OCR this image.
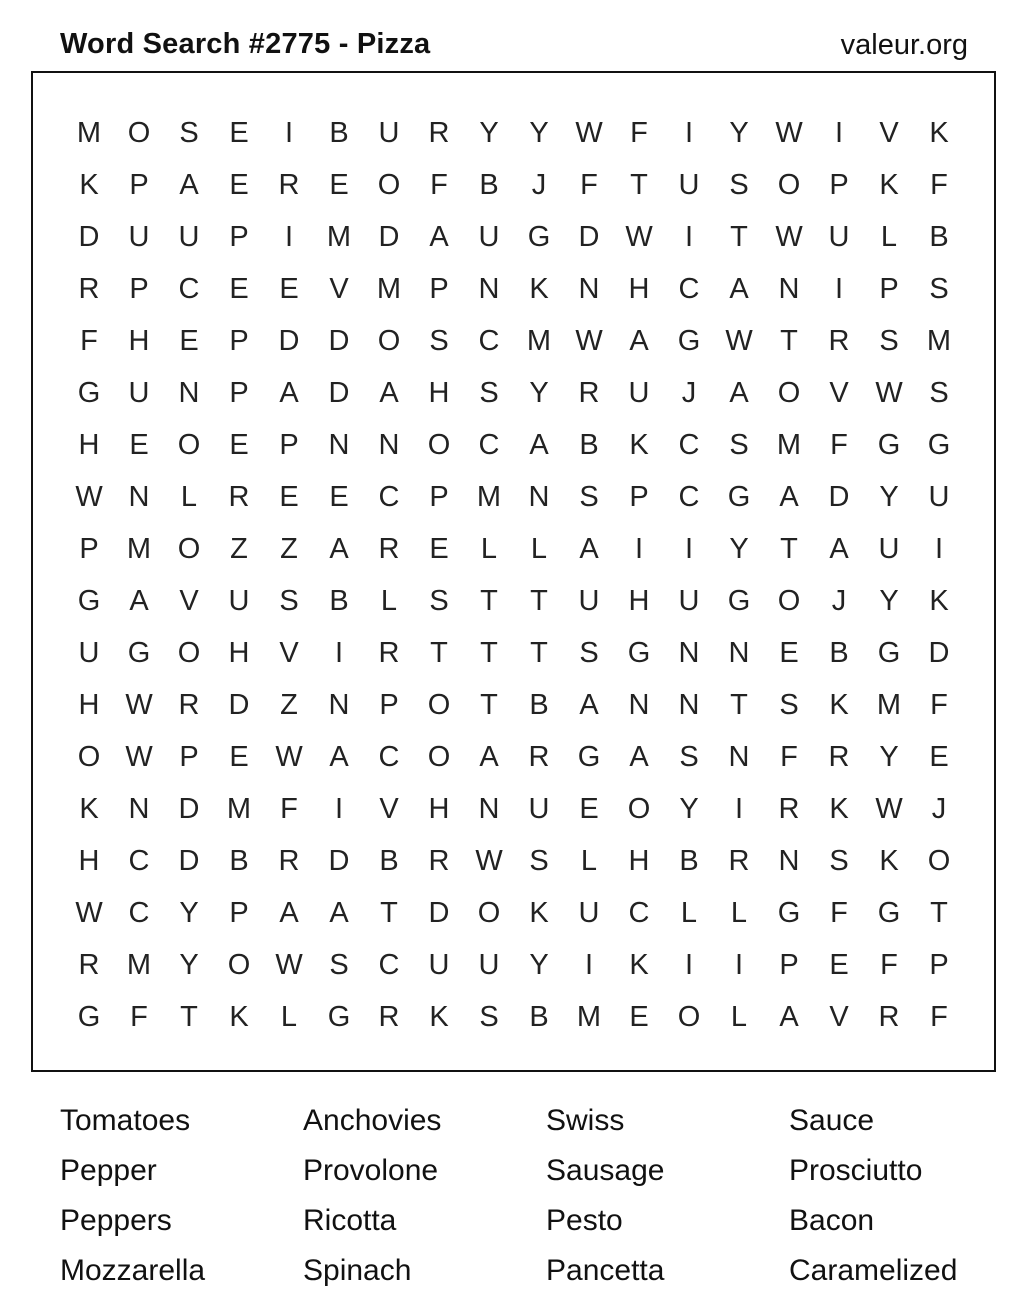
Word Search #2775 - Pizza	valeur.org
M O	S	E	I	B	U	R	Y	Y W F	I	Y W	I	V	K
K	P	A	E	R	E	O	F	B	J	F	T	U	S	O	P	K	F
D	U	U	P	I	M D	A	U G D W	I	T W U	L	B
R	P	C	E	E	V M P	N	K	N	H	C	A	N	I	P	S
F	H	E	P	D	D O	S	C M W A	G W T	R	S M
G U	N	P	A	D	A	H	S	Y	R	U	J	A	O	V W S
H	E	O	E	P	N	N O C	A	B	K	C	S M	F	G G
W N	L	R	E	E	C	P M N	S	P	C G	A	D	Y	U
P M O	Z	Z	A	R	E	L	L	A	I	I	Y	T	A	U	I
G	A	V	U	S	B	L	S	T	T	U	H	U G O	J	Y	K
U G O H	V	I	R	T	T	T	S	G N	N	E	B	G D
H W R	D	Z	N	P	O	T	B	A	N	N	T	S	K M	F
O W P	E W A	C O	A	R G	A	S	N	F	R	Y	E
K	N	D M	F	I	V	H	N	U	E	O	Y	I	R	K W	J
H	C	D	B	R	D	B	R W S	L	H	B	R	N	S	K	O
W C	Y	P	A	A	T	D O	K	U	C	L	L	G	F	G	T
R M Y	O W S	C	U	U	Y	I	K	I	I	P	E	F	P
G	F	T	K	L	G R	K	S	B M E	O	L	A	V	R	F
Tomatoes	Anchovies	Swiss	Sauce
Pepper	Provolone	Sausage	Prosciutto
Peppers	Ricotta	Pesto	Bacon
Mozzarella	Spinach	Pancetta	Caramelized
